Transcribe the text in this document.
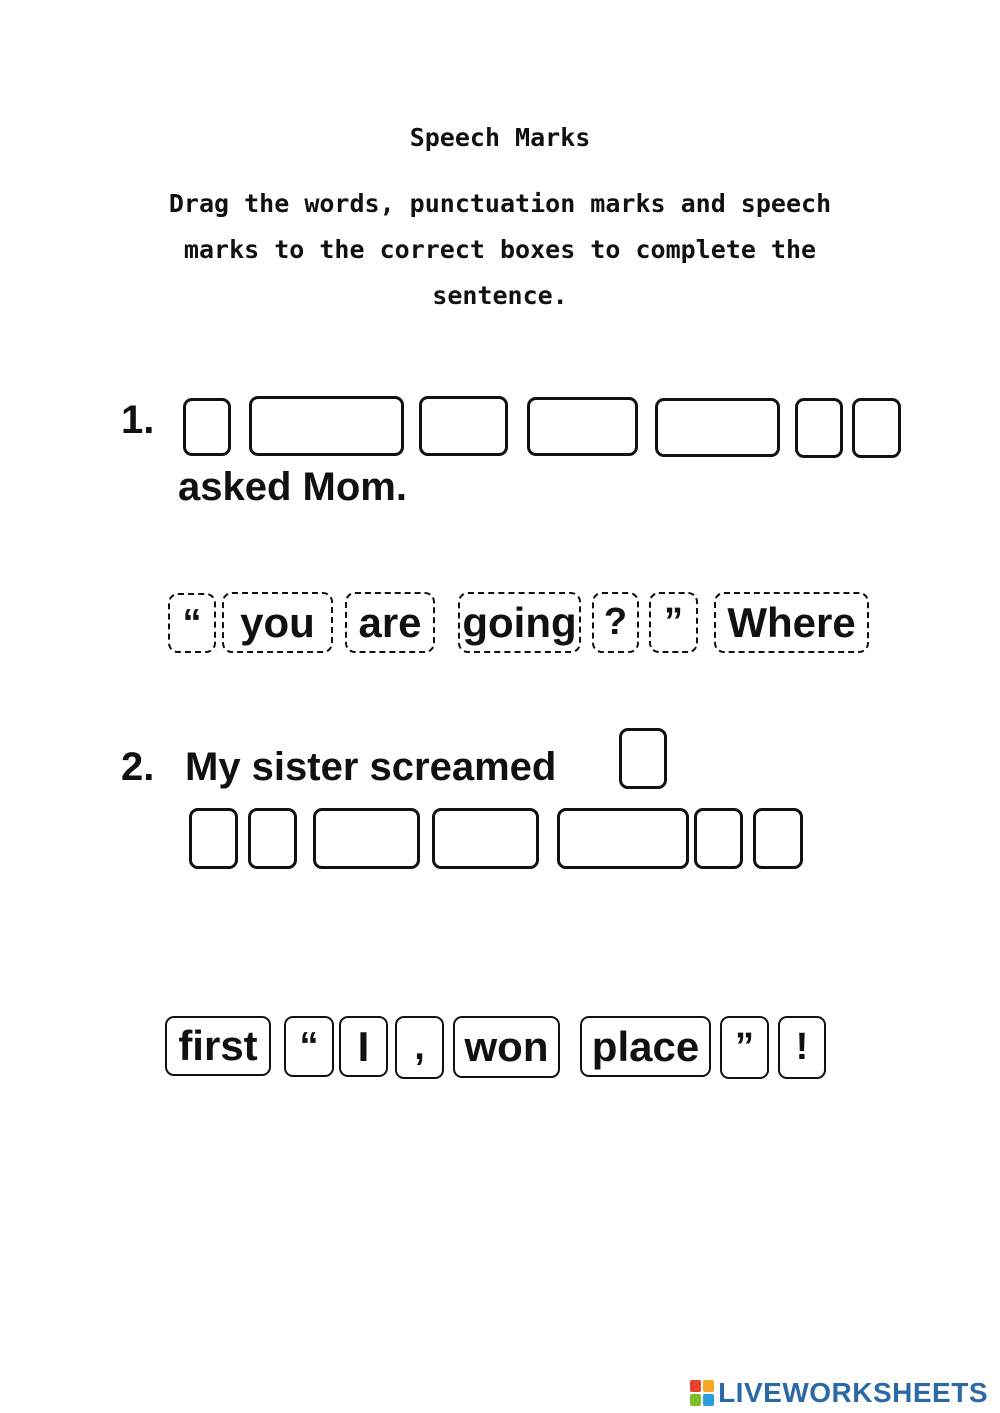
Speech Marks
Drag the words, punctuation marks and speech
marks to the correct boxes to complete the
sentence.
1.
asked Mom.
“ you	are going ? ”	Where
2. My sister screamed
first	“ I	, won place ”	!
LIVEWORKSHEETS
